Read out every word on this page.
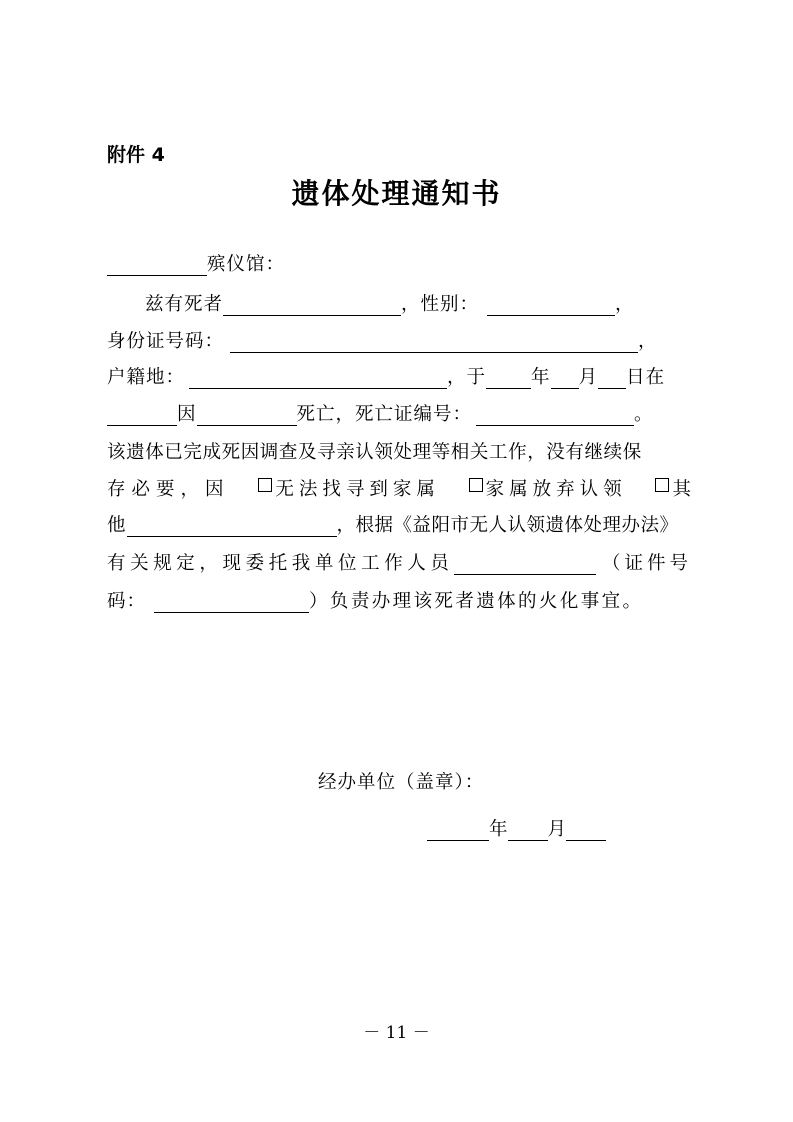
附件 4
遗体处理通知书
殡仪馆：
兹有死者	，性别：	，
身份证号码：	，
户籍地：	，于 年 月 日在
因	死亡，死亡证编号：	。
该遗体已完成死因调查及寻亲认领处理等相关工作，没有继续保
存必要，因	无法找寻到家属	家属放弃认领	其
他	，根据《益阳市无人认领遗体处理办法》
有关规定，现委托我单位工作人员	（证件号
码：	）负责办理该死者遗体的火化事宜。
经办单位（盖章）：
年 月
－ 11 －
